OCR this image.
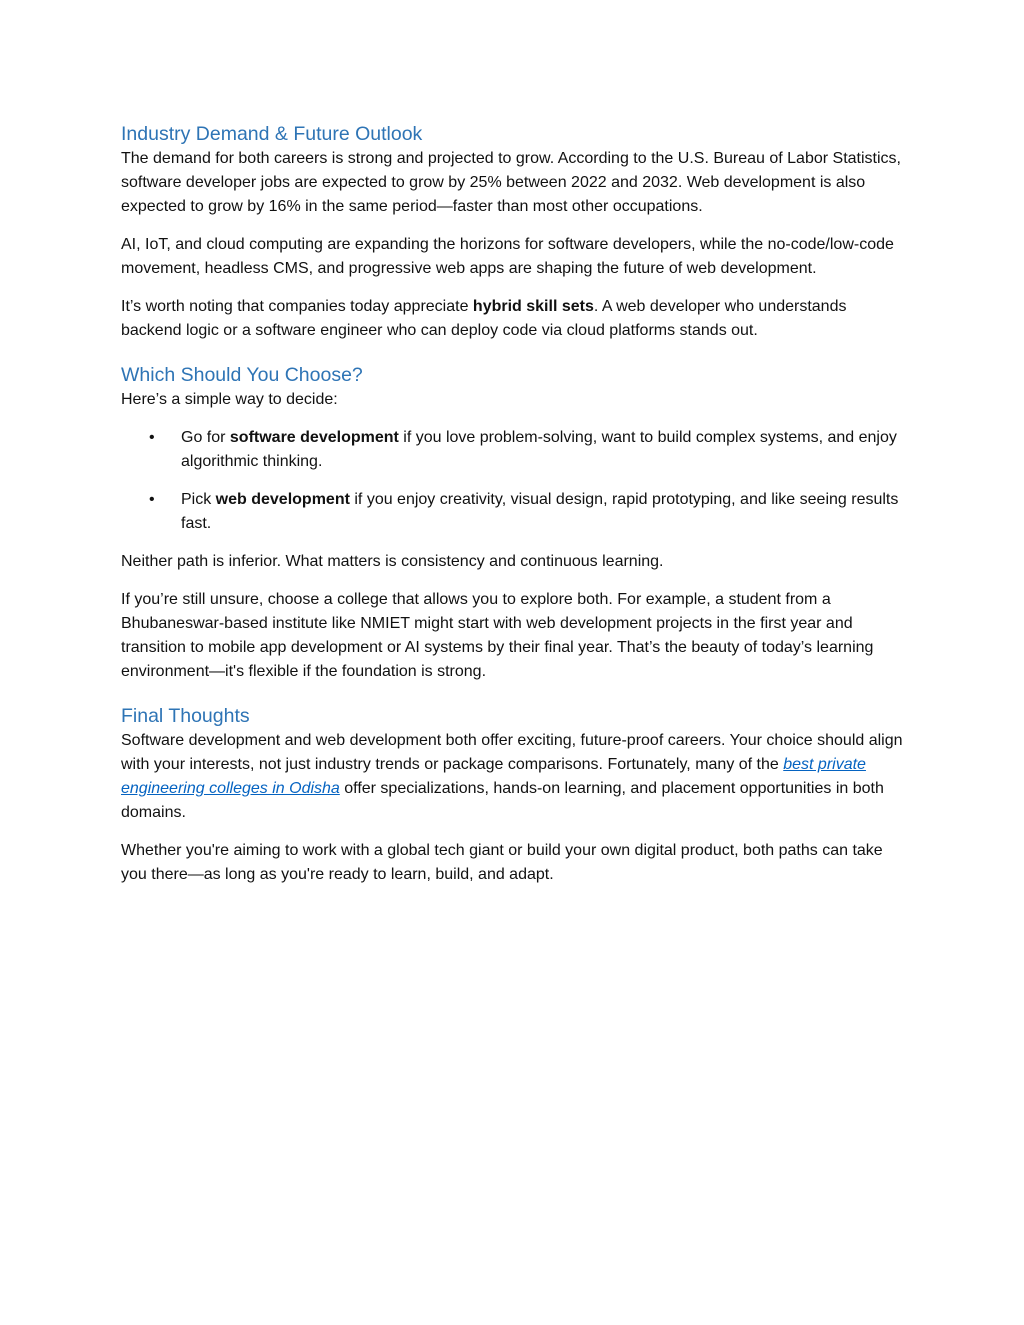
Industry Demand & Future Outlook

The demand for both careers is strong and projected to grow. According to the U.S. Bureau of Labor Statistics, software developer jobs are expected to grow by 25% between 2022 and 2032. Web development is also expected to grow by 16% in the same period—faster than most other occupations.

AI, IoT, and cloud computing are expanding the horizons for software developers, while the no-code/low-code movement, headless CMS, and progressive web apps are shaping the future of web development.

It’s worth noting that companies today appreciate hybrid skill sets. A web developer who understands backend logic or a software engineer who can deploy code via cloud platforms stands out.

Which Should You Choose?

Here’s a simple way to decide:

• Go for software development if you love problem-solving, want to build complex systems, and enjoy algorithmic thinking.
• Pick web development if you enjoy creativity, visual design, rapid prototyping, and like seeing results fast.

Neither path is inferior. What matters is consistency and continuous learning.

If you’re still unsure, choose a college that allows you to explore both. For example, a student from a Bhubaneswar-based institute like NMIET might start with web development projects in the first year and transition to mobile app development or AI systems by their final year. That’s the beauty of today’s learning environment—it's flexible if the foundation is strong.

Final Thoughts

Software development and web development both offer exciting, future-proof careers. Your choice should align with your interests, not just industry trends or package comparisons. Fortunately, many of the best private engineering colleges in Odisha offer specializations, hands-on learning, and placement opportunities in both domains.

Whether you're aiming to work with a global tech giant or build your own digital product, both paths can take you there—as long as you're ready to learn, build, and adapt.
